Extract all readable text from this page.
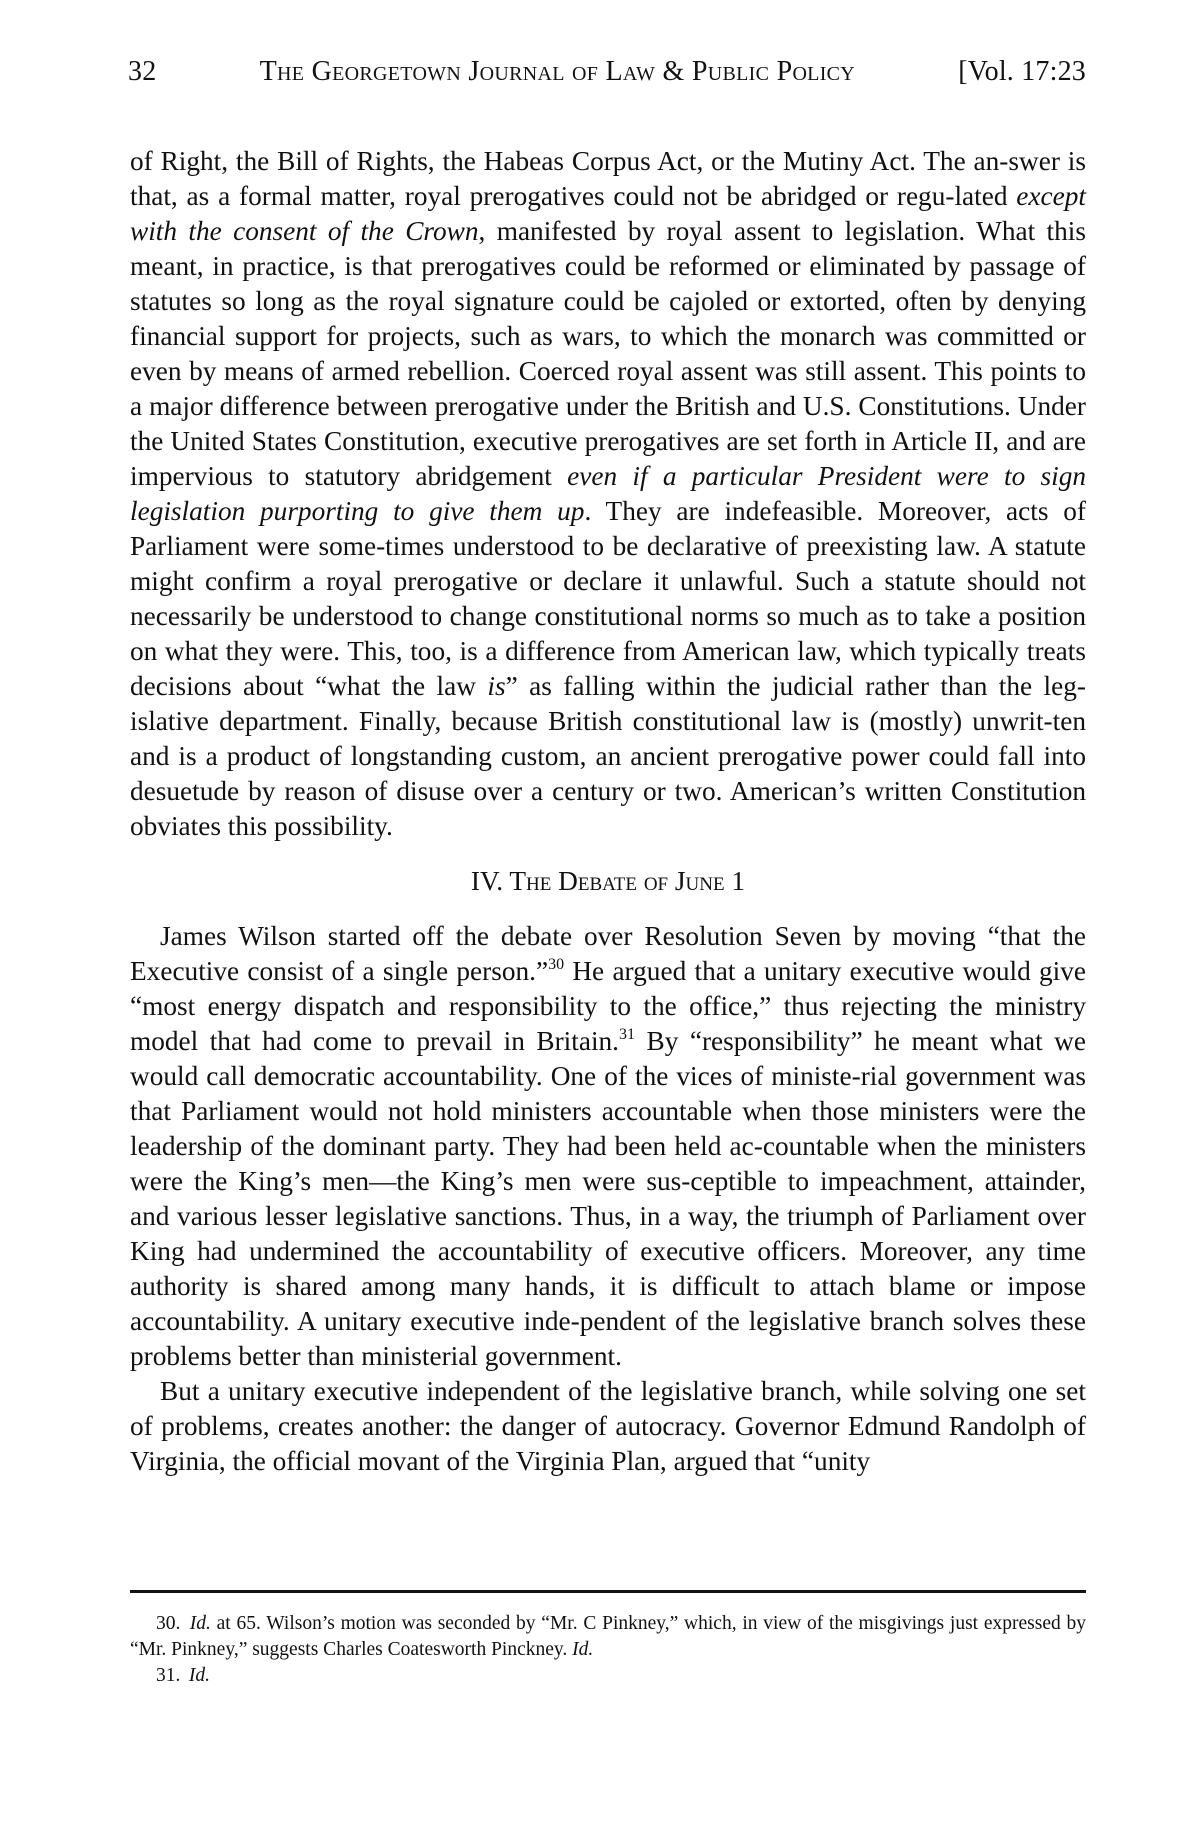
32	The Georgetown Journal of Law & Public Policy	[Vol. 17:23

of Right, the Bill of Rights, the Habeas Corpus Act, or the Mutiny Act. The an-swer is that, as a formal matter, royal prerogatives could not be abridged or regu-lated except with the consent of the Crown, manifested by royal assent to legislation. What this meant, in practice, is that prerogatives could be reformed or eliminated by passage of statutes so long as the royal signature could be cajoled or extorted, often by denying financial support for projects, such as wars, to which the monarch was committed or even by means of armed rebellion. Coerced royal assent was still assent. This points to a major difference between prerogative under the British and U.S. Constitutions. Under the United States Constitution, executive prerogatives are set forth in Article II, and are impervious to statutory abridgement even if a particular President were to sign legislation purporting to give them up. They are indefeasible. Moreover, acts of Parliament were some-times understood to be declarative of preexisting law. A statute might confirm a royal prerogative or declare it unlawful. Such a statute should not necessarily be understood to change constitutional norms so much as to take a position on what they were. This, too, is a difference from American law, which typically treats decisions about “what the law is” as falling within the judicial rather than the leg-islative department. Finally, because British constitutional law is (mostly) unwrit-ten and is a product of longstanding custom, an ancient prerogative power could fall into desuetude by reason of disuse over a century or two. American’s written Constitution obviates this possibility.

IV. The Debate of June 1

James Wilson started off the debate over Resolution Seven by moving “that the Executive consist of a single person.”$^{30}$ He argued that a unitary executive would give “most energy dispatch and responsibility to the office,” thus rejecting the ministry model that had come to prevail in Britain.$^{31}$ By “responsibility” he meant what we would call democratic accountability. One of the vices of ministe-rial government was that Parliament would not hold ministers accountable when those ministers were the leadership of the dominant party. They had been held ac-countable when the ministers were the King’s men—the King’s men were sus-ceptible to impeachment, attainder, and various lesser legislative sanctions. Thus, in a way, the triumph of Parliament over King had undermined the accountability of executive officers. Moreover, any time authority is shared among many hands, it is difficult to attach blame or impose accountability. A unitary executive inde-pendent of the legislative branch solves these problems better than ministerial government.

But a unitary executive independent of the legislative branch, while solving one set of problems, creates another: the danger of autocracy. Governor Edmund Randolph of Virginia, the official movant of the Virginia Plan, argued that “unity

30. Id. at 65. Wilson’s motion was seconded by “Mr. C Pinkney,” which, in view of the misgivings just expressed by “Mr. Pinkney,” suggests Charles Coatesworth Pinckney. Id.

31. Id.
